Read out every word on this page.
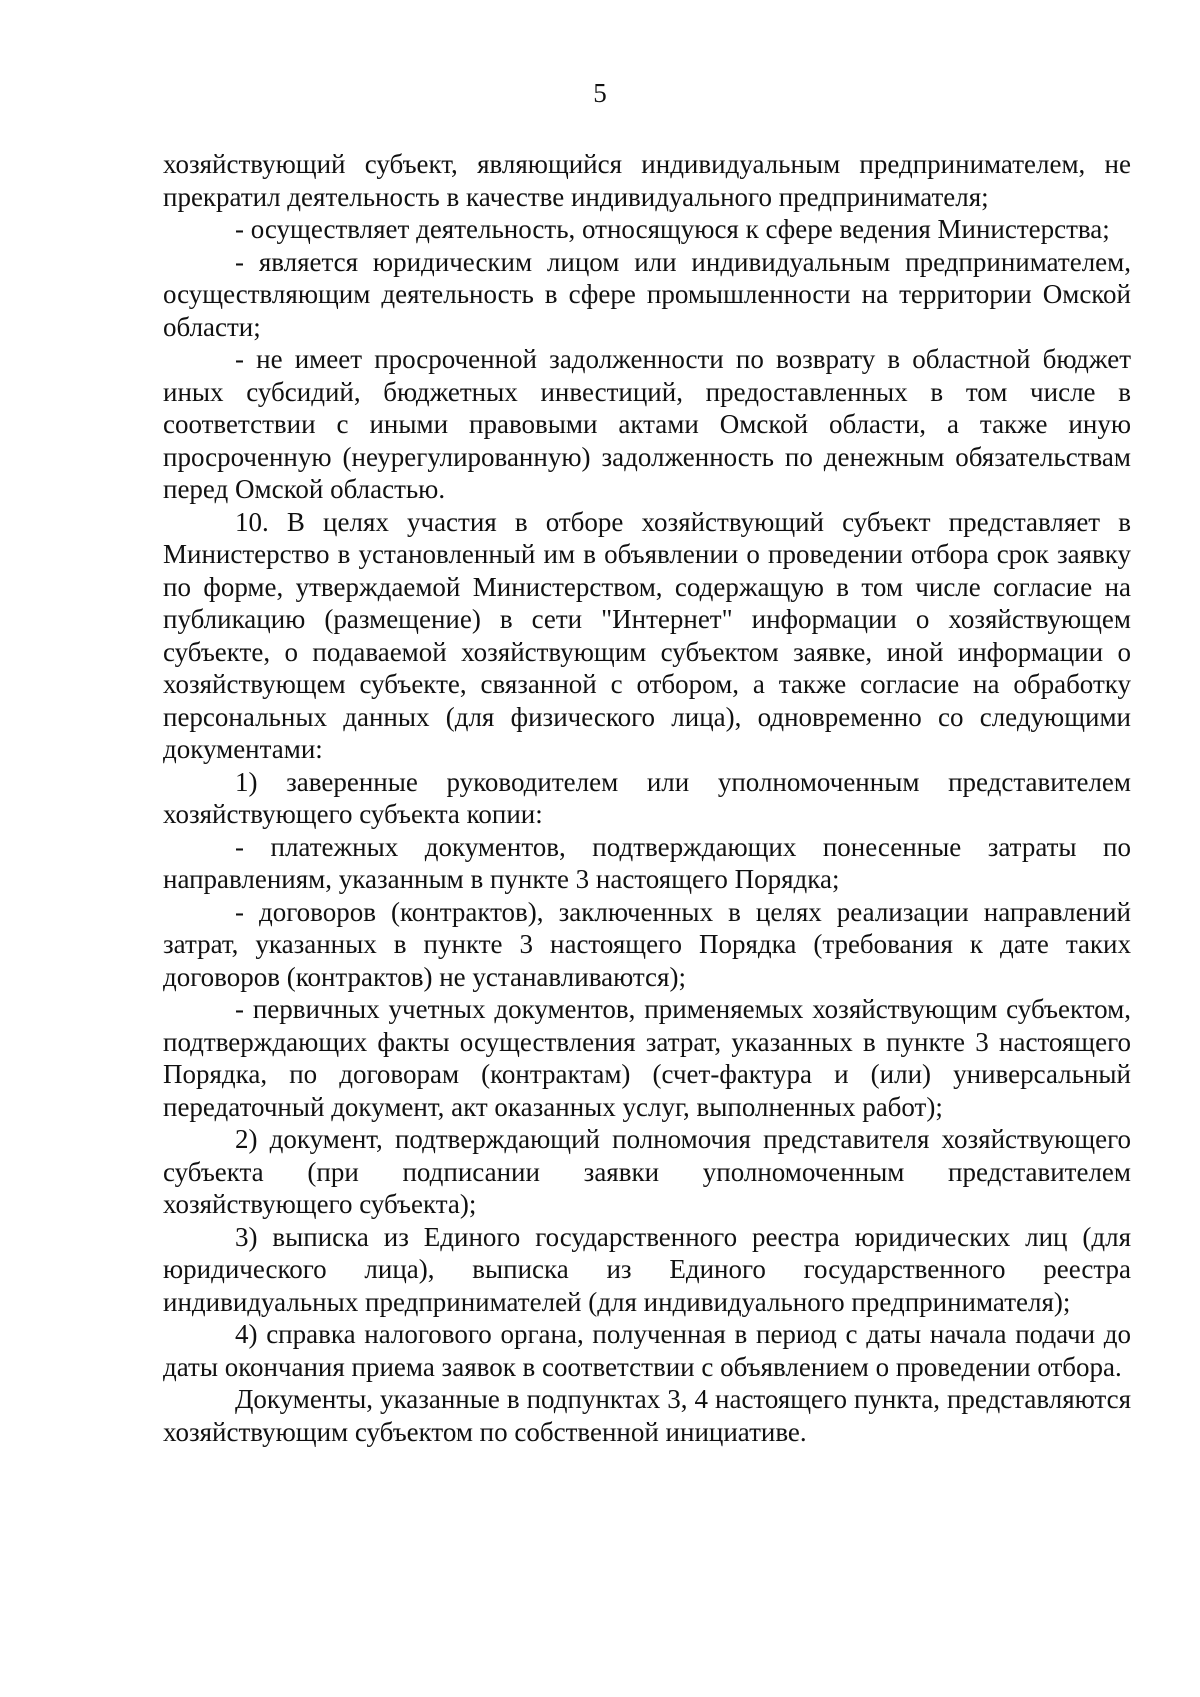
5

хозяйствующий субъект, являющийся индивидуальным предпринимателем, не прекратил деятельность в качестве индивидуального предпринимателя;

- осуществляет деятельность, относящуюся к сфере ведения Министерства;

- является юридическим лицом или индивидуальным предпринимателем, осуществляющим деятельность в сфере промышленности на территории Омской области;

- не имеет просроченной задолженности по возврату в областной бюджет иных субсидий, бюджетных инвестиций, предоставленных в том числе в соответствии с иными правовыми актами Омской области, а также иную просроченную (неурегулированную) задолженность по денежным обязательствам перед Омской областью.

10. В целях участия в отборе хозяйствующий субъект представляет в Министерство в установленный им в объявлении о проведении отбора срок заявку по форме, утверждаемой Министерством, содержащую в том числе согласие на публикацию (размещение) в сети "Интернет" информации о хозяйствующем субъекте, о подаваемой хозяйствующим субъектом заявке, иной информации о хозяйствующем субъекте, связанной с отбором, а также согласие на обработку персональных данных (для физического лица), одновременно со следующими документами:

1) заверенные руководителем или уполномоченным представителем хозяйствующего субъекта копии:

- платежных документов, подтверждающих понесенные затраты по направлениям, указанным в пункте 3 настоящего Порядка;

- договоров (контрактов), заключенных в целях реализации направлений затрат, указанных в пункте 3 настоящего Порядка (требования к дате таких договоров (контрактов) не устанавливаются);

- первичных учетных документов, применяемых хозяйствующим субъектом, подтверждающих факты осуществления затрат, указанных в пункте 3 настоящего Порядка, по договорам (контрактам) (счет-фактура и (или) универсальный передаточный документ, акт оказанных услуг, выполненных работ);

2) документ, подтверждающий полномочия представителя хозяйствующего субъекта (при подписании заявки уполномоченным представителем хозяйствующего субъекта);

3) выписка из Единого государственного реестра юридических лиц (для юридического лица), выписка из Единого государственного реестра индивидуальных предпринимателей (для индивидуального предпринимателя);

4) справка налогового органа, полученная в период с даты начала подачи до даты окончания приема заявок в соответствии с объявлением о проведении отбора.

Документы, указанные в подпунктах 3, 4 настоящего пункта, представляются хозяйствующим субъектом по собственной инициативе.
